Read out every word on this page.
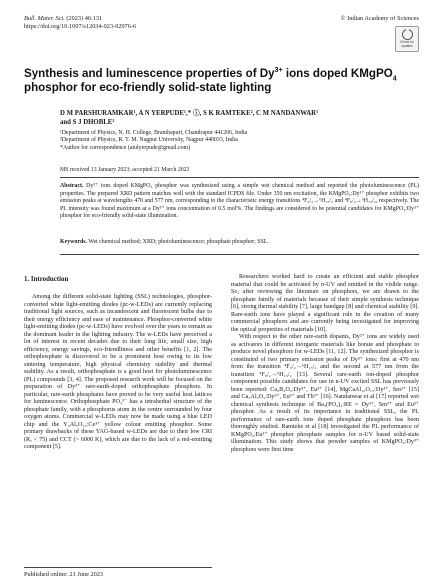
Bull. Mater. Sci. (2023) 46:131
https://doi.org/10.1007/s12034-023-02976-6
© Indian Academy of Sciences
Check for updates
Synthesis and luminescence properties of $Dy^{3+}$ ions doped KMgPO$_4$ phosphor for eco-friendly solid-state lighting
D M PARSHURAMKAR¹, A N YERPUDE¹,* ⓘ, S K RAMTEKE², C M NANDANWAR¹
and S J DHOBLE²
¹Department of Physics, N. H. College, Bramhapuri, Chandrapur 441206, India
²Department of Physics, R. T. M. Nagpur University, Nagpur 440033, India
*Author for correspondence (atulyerpude@gmail.com)
MS received 13 January 2023; accepted 21 March 2023
Abstract. Dy³⁺ ions doped KMgPO₄ phosphor was synthesized using a simple wet chemical method and reported the photoluminescence (PL) properties. The prepared XRD pattern matches well with the standard ICPDS file. Under 350 nm excitation, the KMgPO₄:Dy³⁺ phosphor exhibits two emission peaks at wavelengths 470 and 577 nm, corresponding to the characteristic energy transitions ⁴F₉/₂→⁶H₁₅/₂ and ⁴F₉/₂→⁶H₁₃/₂, respectively. The PL intensity was found maximum at a Dy³⁺ ions concentration of 0.5 mol%. The findings are considered to be potential candidates for KMgPO₄:Dy³⁺ phosphor for eco-friendly solid-state illumination.
Keywords. Wet chemical method; XRD; photoluminescence; phosphate phosphor; SSL.
1. Introduction

Among the different solid-state lighting (SSL) technologies, phosphor-converted white light-emitting diodes (pc-w-LEDs) are currently replacing traditional light sources, such as incandescent and fluorescent bulbs due to their energy efficiency and ease of maintenance. Phosphor-converted white light-emitting diodes (pc-w-LEDs) have evolved over the years to remain as the dominant leader in the lighting industry. The w-LEDs have perceived a lot of interest in recent decades due to their long life, small size, high efficiency, energy savings, eco-friendliness and other benefits [1, 2]. The orthophosphate is discovered to be a prominent host owing to its low sintering temperature, high physical chemistry stability and thermal stability. As a result, orthophosphate is a good host for photoluminescence (PL) compounds [3, 4]. The proposed research work will be focused on the preparation of Dy³⁺ rare-earth-doped orthophosphate phosphors. In particular, rare-earth phosphates have proved to be very useful host lattices for luminescence. Orthophosphate PO₄³⁻ has a tetrahedral structure of the phosphate family, with a phosphorus atom in the centre surrounded by four oxygen atoms. Commercial w-LEDs may now be made using a blue LED chip and the Y₃Al₅O₁₂:Ce³⁺ yellow colour emitting phosphor. Some primary drawbacks of these YAG-based w-LEDs are due to their low CRI (Rₐ < 75) and CCT (> 6000 K), which are due to the lack of a red-emitting component [5].

Researchers worked hard to create an efficient and stable phosphor material that could be activated by n-UV and emitted in the visible range. So, after reviewing the literature on phosphors, we are drawn to the phosphate family of materials because of their simple synthesis technique [6], strong thermal stability [7], large bandgap [8] and chemical stability [9]. Rare-earth ions have played a significant role in the creation of many commercial phosphors and are currently being investigated for improving the optical properties of materials [10].

With respect to the other rare-earth dopants, Dy³⁺ ions are widely used as activators in different inorganic materials like borate and phosphate to produce novel phosphors for w-LEDs [11, 12]. The synthesized phosphor is constituted of two primary emission peaks of Dy³⁺ ions: first at 470 nm from the transition ⁴F₉/₂→⁶H₁₅/₂ and the second at 577 nm from the transition ⁴F₉/₂→⁶H₁₃/₂ [13]. Several rare-earth ion-doped phosphor component possible candidates for use in n-UV excited SSL has previously been reported: Ca₂B₂O₅:Dy³⁺, Eu³⁺ [14], MgCaAl₁₀O₁₇:Dy³⁺, Sm³⁺ [15] and Ca₂Al₂O₅:Dy³⁺, Eu³⁺ and Tb³⁺ [16]. Nandanwar et al [17] reported wet chemical synthesis technique of Ba₃(PO₄)₂:RE = Dy³⁺, Sm³⁺ and Eu³⁺ phosphor. As a result of its importance in traditional SSL, the PL performance of rare-earth ions doped phosphate phosphors has been thoroughly studied. Ramteke et al [18] investigated the PL performance of KMgPO₄:Eu³⁺ phosphor phosphate samples for n-UV based solid-state illumination. This study shows that powder samples of KMgPO₄:Dy³⁺ phosphors were first time

Published online: 21 June 2023
